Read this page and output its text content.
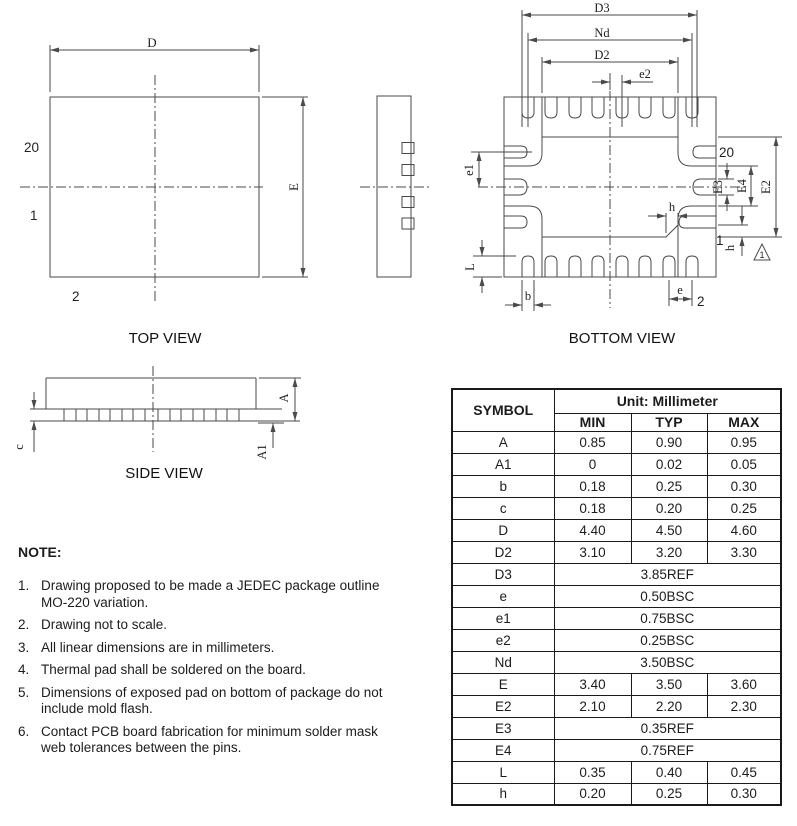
D
E
20
1
2
TOP VIEW
D3
Nd
D2
e2
e1
L
b	e
2
E3 E4 E2
h
h
20
1
1
BOTTOM VIEW
c
A
A1
SIDE VIEW
NOTE:
1. Drawing proposed to be made a JEDEC package outline MO-220 variation.
2. Drawing not to scale.
3. All linear dimensions are in millimeters.
4. Thermal pad shall be soldered on the board.
5. Dimensions of exposed pad on bottom of package do not include mold flash.
6. Contact PCB board fabrication for minimum solder mask web tolerances between the pins.
SYMBOL	Unit: Millimeter		
	MIN	TYP	MAX
A	0.85	0.90	0.95
A1	0	0.02	0.05
b	0.18	0.25	0.30
c	0.18	0.20	0.25
D	4.40	4.50	4.60
D2	3.10	3.20	3.30
D3	3.85REF		
e	0.50BSC		
e1	0.75BSC		
e2	0.25BSC		
Nd	3.50BSC		
E	3.40	3.50	3.60
E2	2.10	2.20	2.30
E3	0.35REF		
E4	0.75REF		
L	0.35	0.40	0.45
h	0.20	0.25	0.30
